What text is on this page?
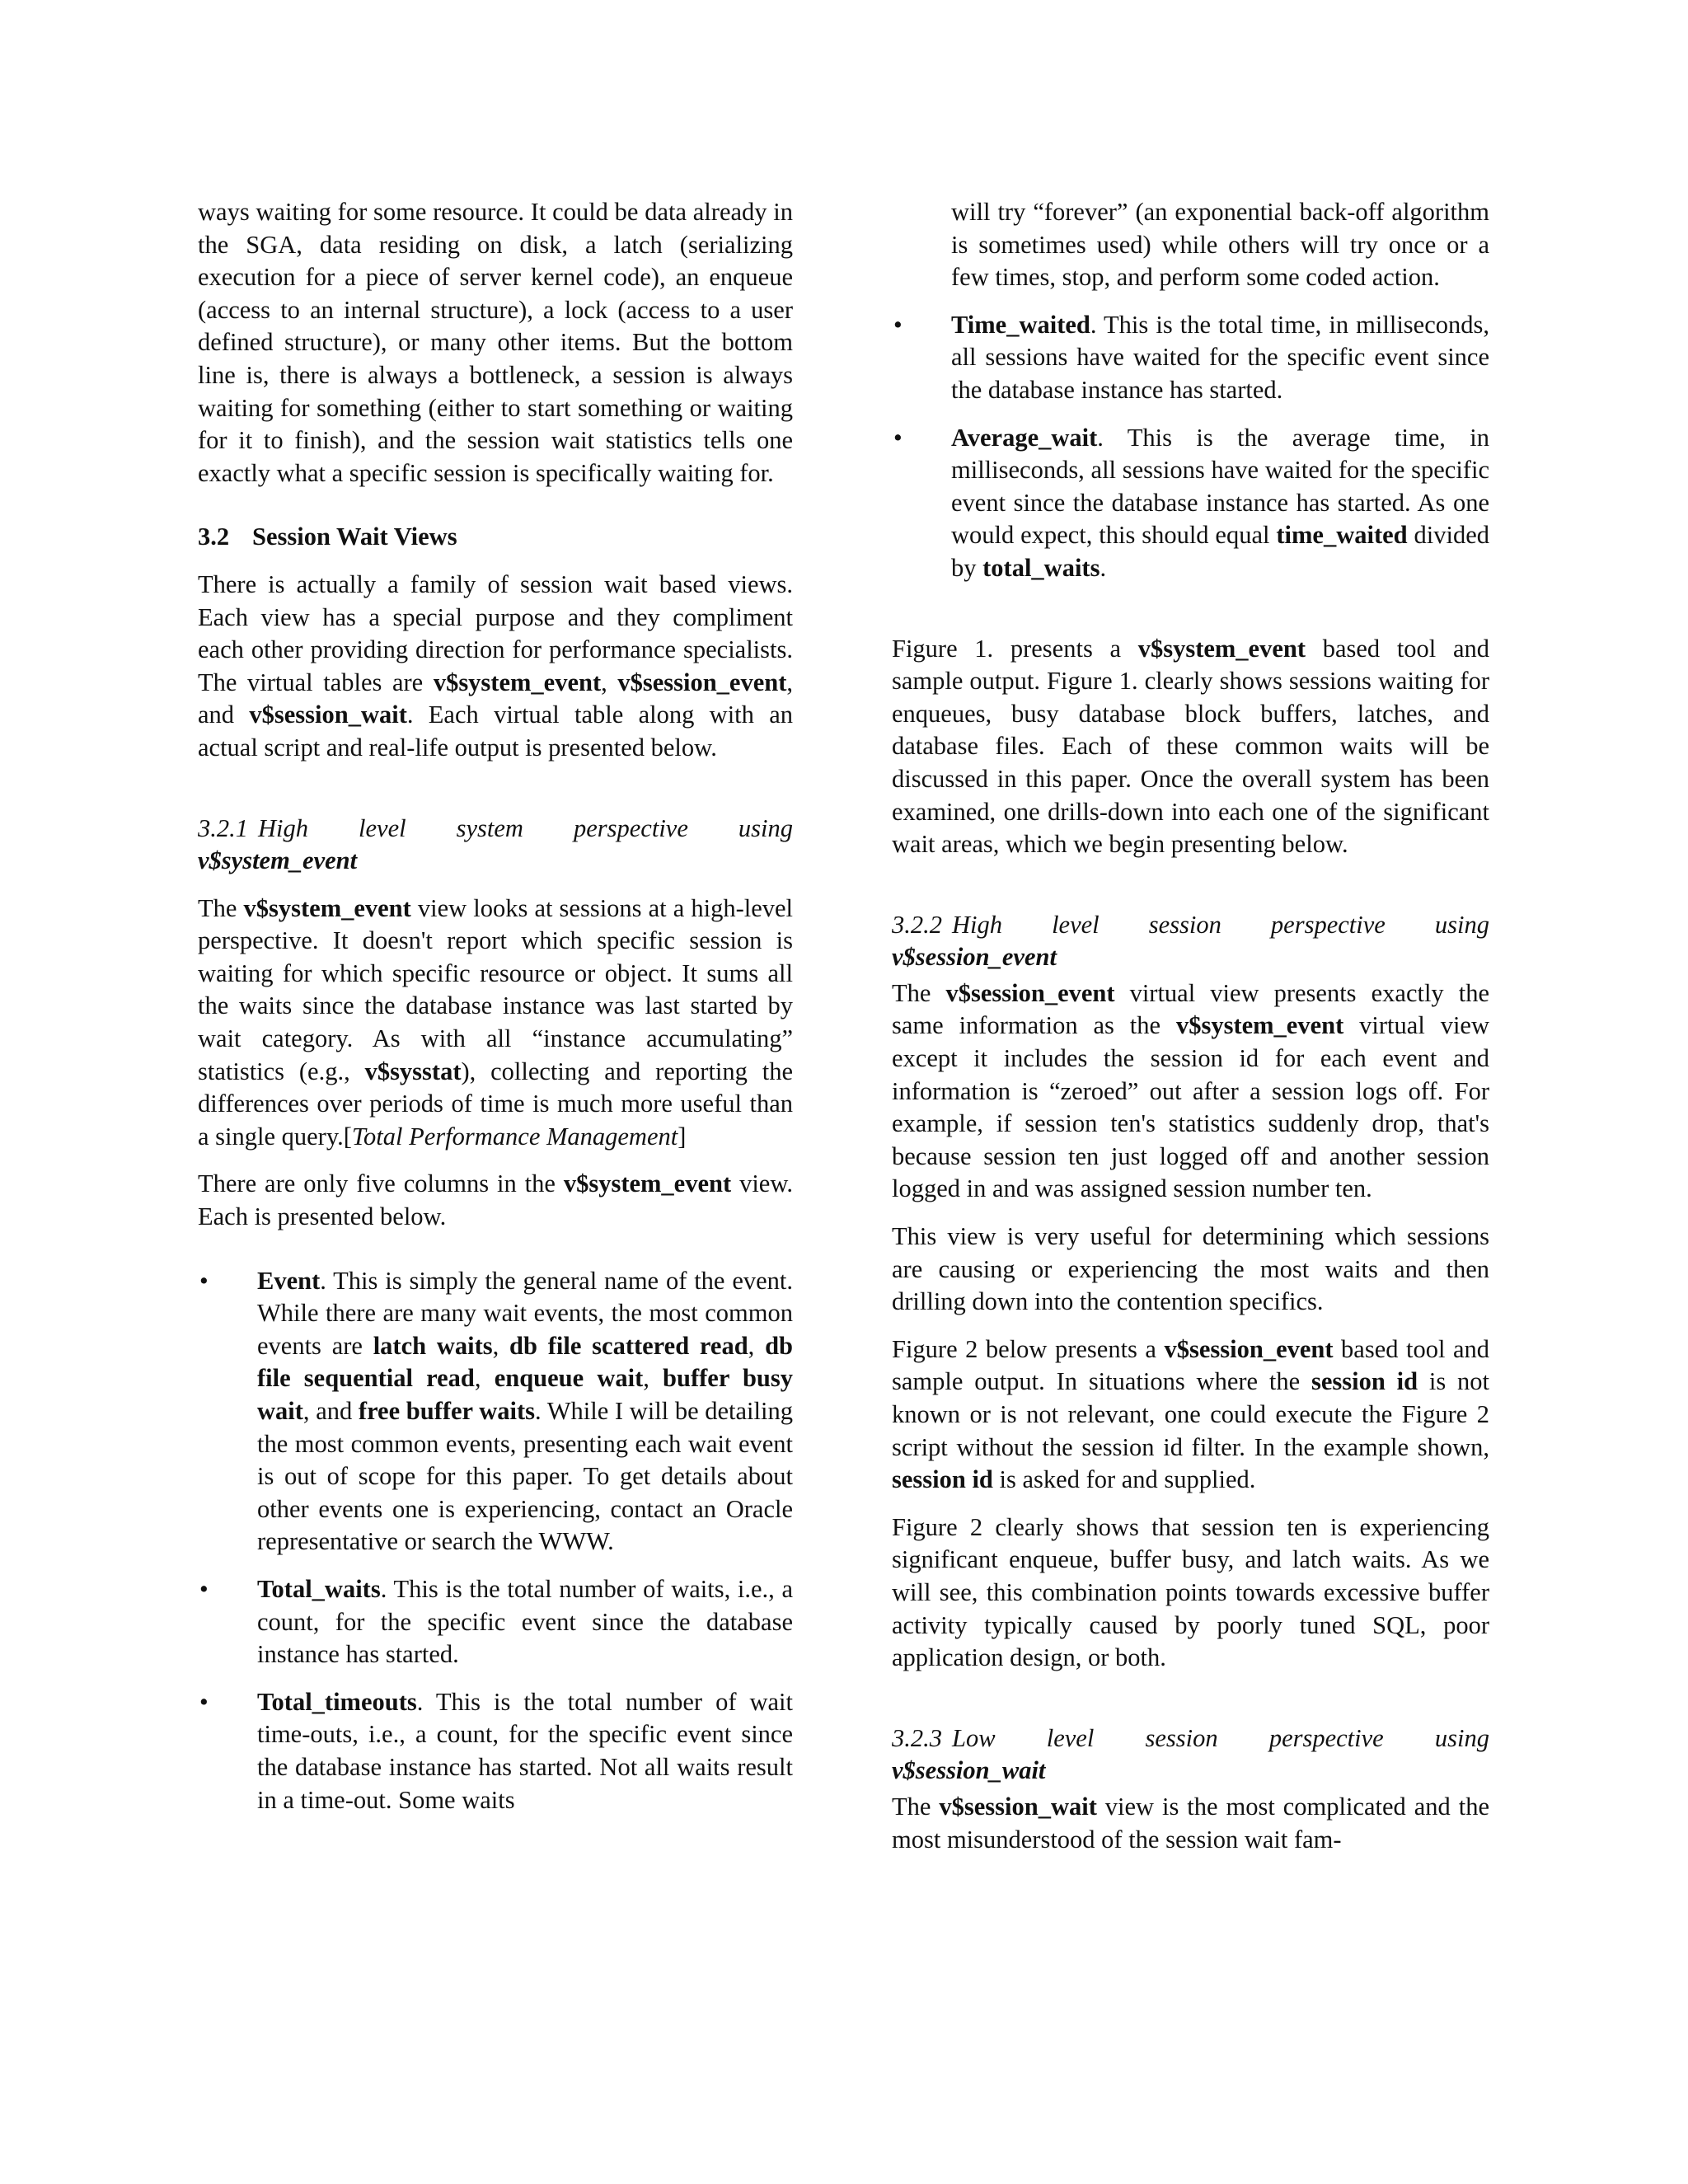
ways waiting for some resource. It could be data already in the SGA, data residing on disk, a latch (serializing execution for a piece of server kernel code), an enqueue (access to an internal structure), a lock (access to a user defined structure), or many other items. But the bottom line is, there is always a bottleneck, a session is always waiting for something (either to start something or waiting for it to finish), and the session wait statistics tells one exactly what a specific session is specifically waiting for.

3.2 Session Wait Views

There is actually a family of session wait based views. Each view has a special purpose and they compliment each other providing direction for performance specialists. The virtual tables are v$system_event, v$session_event, and v$session_wait. Each virtual table along with an actual script and real-life output is presented below.

3.2.1 High level system perspective using

v$system_event

The v$system_event view looks at sessions at a high-level perspective. It doesn't report which specific session is waiting for which specific resource or object. It sums all the waits since the database instance was last started by wait category. As with all “instance accumulating” statistics (e.g., v$sysstat), collecting and reporting the differences over periods of time is much more useful than a single query.[Total Performance Management]

There are only five columns in the v$system_event view. Each is presented below.

• Event. This is simply the general name of the event. While there are many wait events, the most common events are latch waits, db file scattered read, db file sequential read, enqueue wait, buffer busy wait, and free buffer waits. While I will be detailing the most common events, presenting each wait event is out of scope for this paper. To get details about other events one is experiencing, contact an Oracle representative or search the WWW.

• Total_waits. This is the total number of waits, i.e., a count, for the specific event since the database instance has started.

• Total_timeouts. This is the total number of wait time-outs, i.e., a count, for the specific event since the database instance has started. Not all waits result in a time-out. Some waits

will try “forever” (an exponential back-off algorithm is sometimes used) while others will try once or a few times, stop, and perform some coded action.

• Time_waited. This is the total time, in milliseconds, all sessions have waited for the specific event since the database instance has started.

• Average_wait. This is the average time, in milliseconds, all sessions have waited for the specific event since the database instance has started. As one would expect, this should equal time_waited divided by total_waits.

Figure 1. presents a v$system_event based tool and sample output. Figure 1. clearly shows sessions waiting for enqueues, busy database block buffers, latches, and database files. Each of these common waits will be discussed in this paper. Once the overall system has been examined, one drills-down into each one of the significant wait areas, which we begin presenting below.

3.2.2 High level session perspective using

v$session_event

The v$session_event virtual view presents exactly the same information as the v$system_event virtual view except it includes the session id for each event and information is “zeroed” out after a session logs off. For example, if session ten's statistics suddenly drop, that's because session ten just logged off and another session logged in and was assigned session number ten.

This view is very useful for determining which sessions are causing or experiencing the most waits and then drilling down into the contention specifics.

Figure 2 below presents a v$session_event based tool and sample output. In situations where the session id is not known or is not relevant, one could execute the Figure 2 script without the session id filter. In the example shown, session id is asked for and supplied.

Figure 2 clearly shows that session ten is experiencing significant enqueue, buffer busy, and latch waits. As we will see, this combination points towards excessive buffer activity typically caused by poorly tuned SQL, poor application design, or both.

3.2.3 Low level session perspective using

v$session_wait

The v$session_wait view is the most complicated and the most misunderstood of the session wait fam-
